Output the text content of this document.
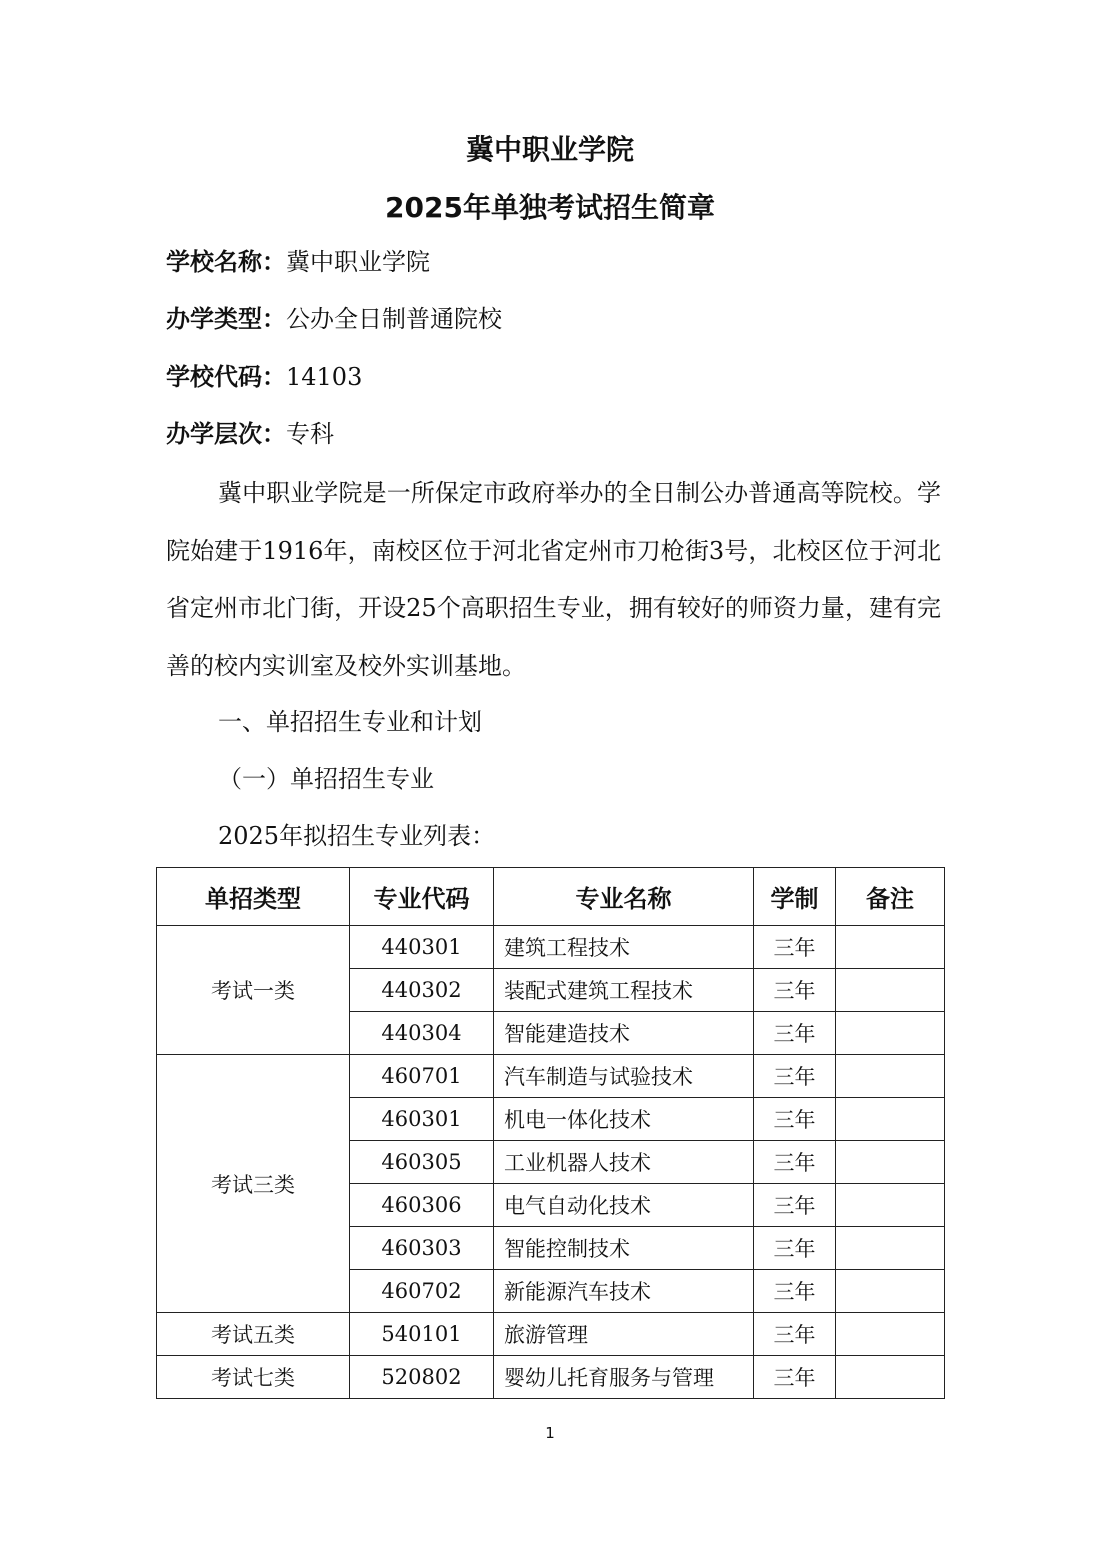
冀中职业学院
2025年单独考试招生简章
学校名称：冀中职业学院
办学类型：公办全日制普通院校
学校代码：14103
办学层次：专科

冀中职业学院是一所保定市政府举办的全日制公办普通高等院校。学院始建于1916年，南校区位于河北省定州市刀枪街3号，北校区位于河北省定州市北门街，开设25个高职招生专业，拥有较好的师资力量，建有完善的校内实训室及校外实训基地。

一、单招招生专业和计划
（一）单招招生专业
2025年拟招生专业列表：
单招类型	专业代码	专业名称	学制	备注
考试一类	440301	建筑工程技术	三年	
	440302	装配式建筑工程技术	三年	
	440304	智能建造技术	三年	
考试三类	460701	汽车制造与试验技术	三年	
	460301	机电一体化技术	三年	
	460305	工业机器人技术	三年	
	460306	电气自动化技术	三年	
	460303	智能控制技术	三年	
	460702	新能源汽车技术	三年	
考试五类	540101	旅游管理	三年	
考试七类	520802	婴幼儿托育服务与管理	三年	
1
